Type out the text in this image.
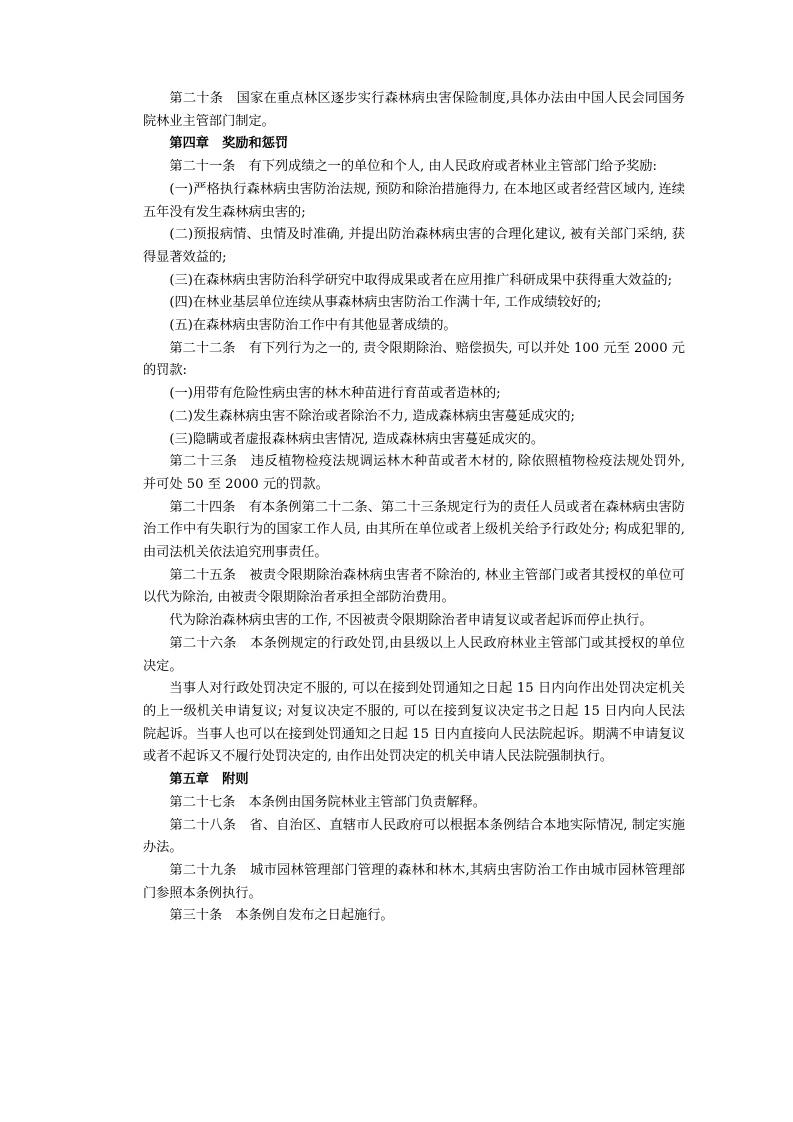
第二十条　国家在重点林区逐步实行森林病虫害保险制度,具体办法由中国人民会同国务院林业主管部门制定。

第四章　奖励和惩罚

第二十一条　有下列成绩之一的单位和个人, 由人民政府或者林业主管部门给予奖励:

(一)严格执行森林病虫害防治法规, 预防和除治措施得力, 在本地区或者经营区域内, 连续五年没有发生森林病虫害的;

(二)预报病情、虫情及时准确, 并提出防治森林病虫害的合理化建议, 被有关部门采纳, 获得显著效益的;

(三)在森林病虫害防治科学研究中取得成果或者在应用推广科研成果中获得重大效益的;

(四)在林业基层单位连续从事森林病虫害防治工作满十年, 工作成绩较好的;

(五)在森林病虫害防治工作中有其他显著成绩的。

第二十二条　有下列行为之一的, 责令限期除治、赔偿损失, 可以并处 100 元至 2000 元的罚款:

(一)用带有危险性病虫害的林木种苗进行育苗或者造林的;

(二)发生森林病虫害不除治或者除治不力, 造成森林病虫害蔓延成灾的;

(三)隐瞒或者虚报森林病虫害情况, 造成森林病虫害蔓延成灾的。

第二十三条　违反植物检疫法规调运林木种苗或者木材的, 除依照植物检疫法规处罚外, 并可处 50 至 2000 元的罚款。

第二十四条　有本条例第二十二条、第二十三条规定行为的责任人员或者在森林病虫害防治工作中有失职行为的国家工作人员, 由其所在单位或者上级机关给予行政处分; 构成犯罪的, 由司法机关依法追究刑事责任。

第二十五条　被责令限期除治森林病虫害者不除治的, 林业主管部门或者其授权的单位可以代为除治, 由被责令限期除治者承担全部防治费用。

代为除治森林病虫害的工作, 不因被责令限期除治者申请复议或者起诉而停止执行。

第二十六条　本条例规定的行政处罚,由县级以上人民政府林业主管部门或其授权的单位决定。

当事人对行政处罚决定不服的, 可以在接到处罚通知之日起 15 日内向作出处罚决定机关的上一级机关申请复议; 对复议决定不服的, 可以在接到复议决定书之日起 15 日内向人民法院起诉。当事人也可以在接到处罚通知之日起 15 日内直接向人民法院起诉。期满不申请复议或者不起诉又不履行处罚决定的, 由作出处罚决定的机关申请人民法院强制执行。

第五章　附则

第二十七条　本条例由国务院林业主管部门负责解释。

第二十八条　省、自治区、直辖市人民政府可以根据本条例结合本地实际情况, 制定实施办法。

第二十九条　城市园林管理部门管理的森林和林木,其病虫害防治工作由城市园林管理部门参照本条例执行。

第三十条　本条例自发布之日起施行。
